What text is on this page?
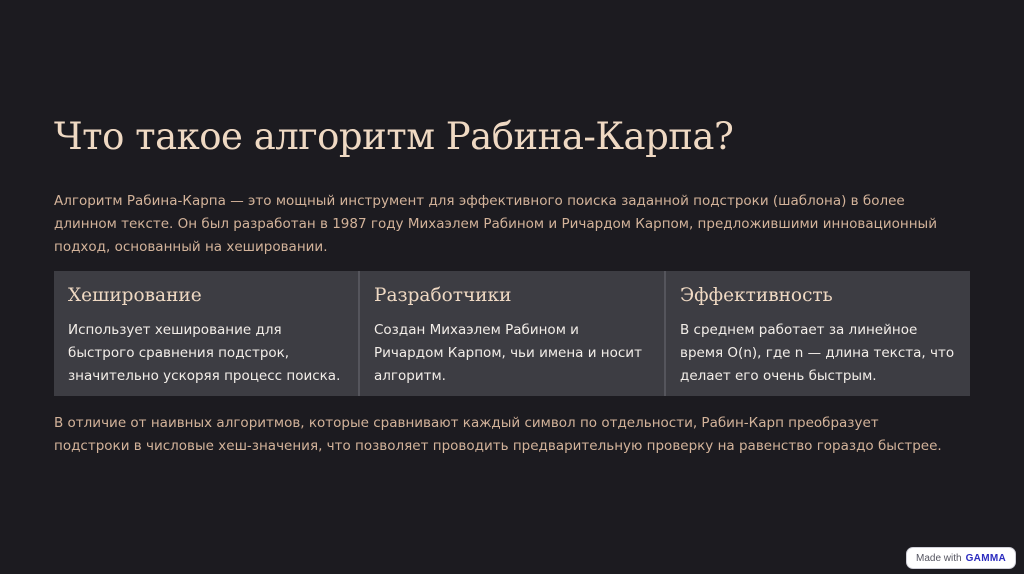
Что такое алгоритм Рабина-Карпа?

Алгоритм Рабина-Карпа — это мощный инструмент для эффективного поиска заданной подстроки (шаблона) в более длинном тексте. Он был разработан в 1987 году Михаэлем Рабином и Ричардом Карпом, предложившими инновационный подход, основанный на хешировании.

Хеширование

Использует хеширование для быстрого сравнения подстрок, значительно ускоряя процесс поиска.

Разработчики

Создан Михаэлем Рабином и Ричардом Карпом, чьи имена и носит алгоритм.

Эффективность

В среднем работает за линейное время O(n), где n — длина текста, что делает его очень быстрым.

В отличие от наивных алгоритмов, которые сравнивают каждый символ по отдельности, Рабин-Карп преобразует подстроки в числовые хеш-значения, что позволяет проводить предварительную проверку на равенство гораздо быстрее.

Made with GAMMA
